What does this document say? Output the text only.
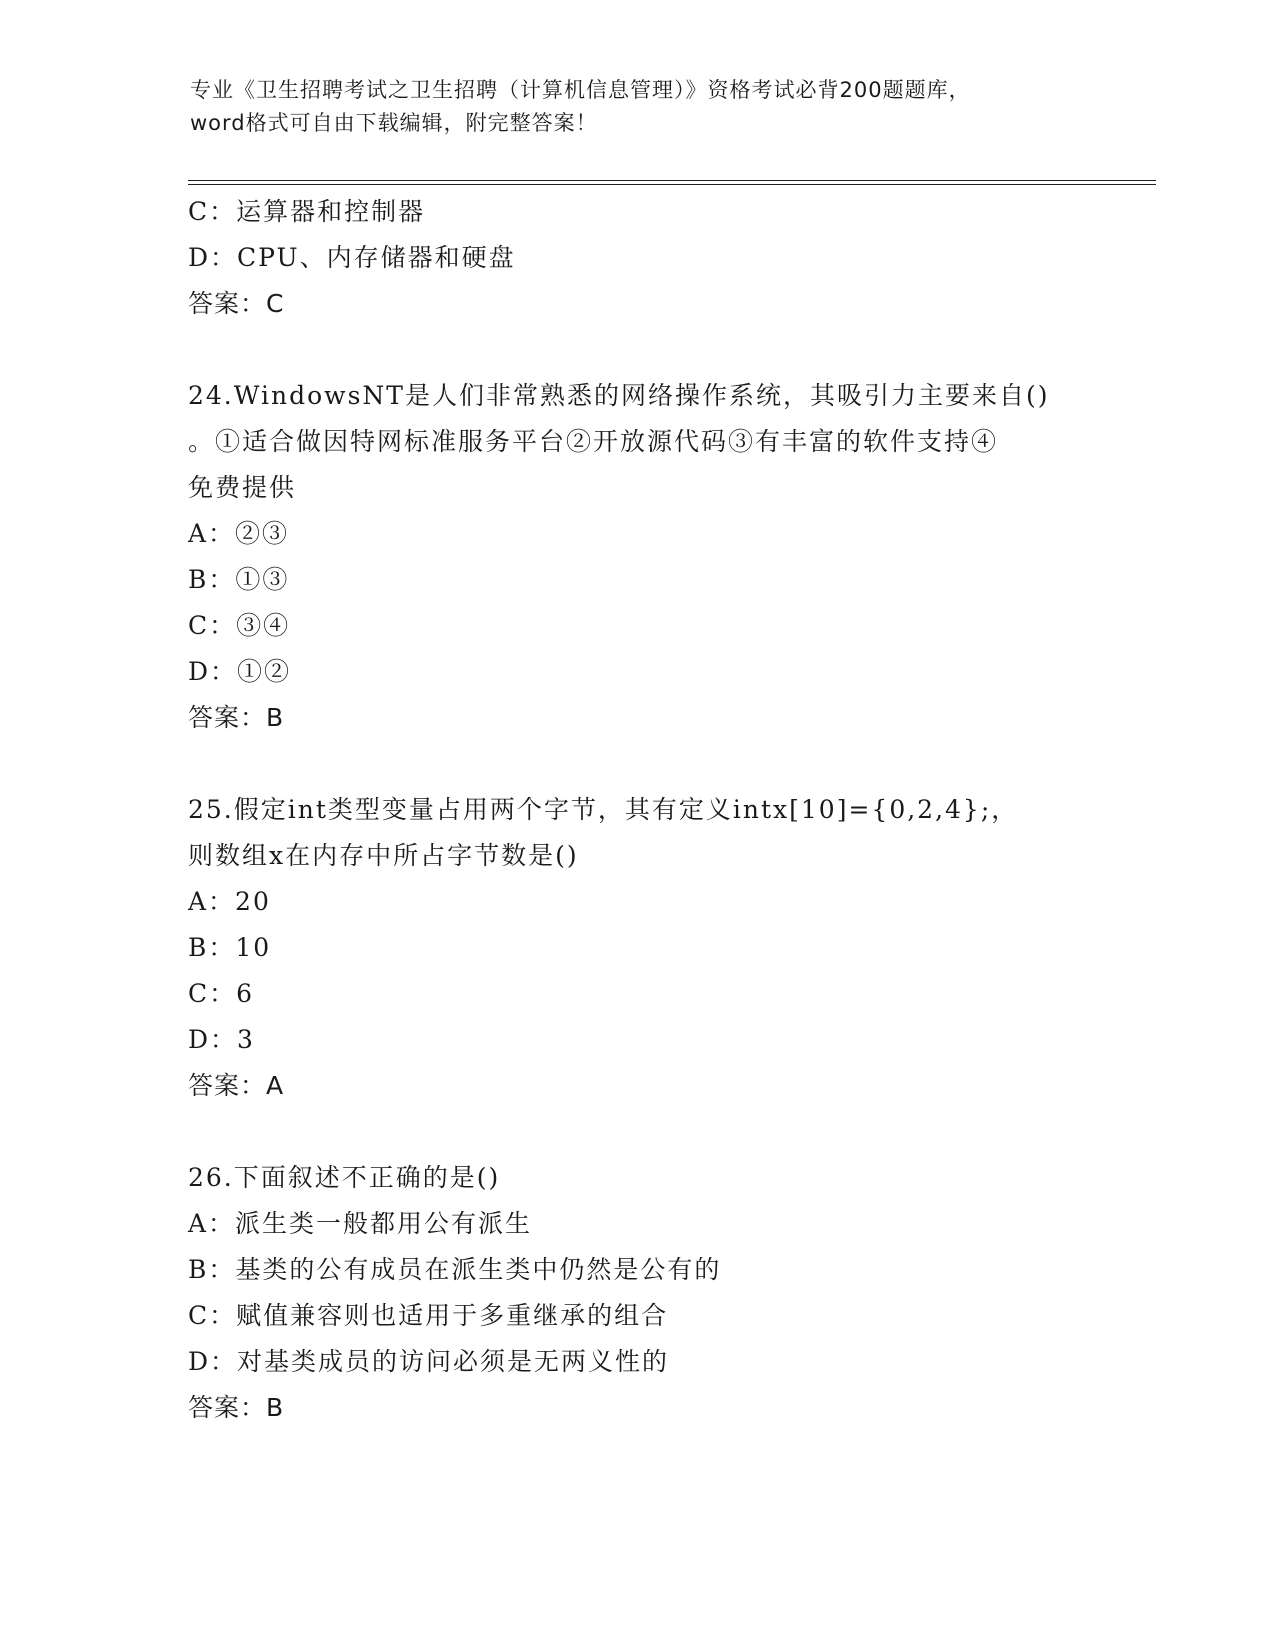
专业《卫生招聘考试之卫生招聘（计算机信息管理）》资格考试必背200题题库，
word格式可自由下载编辑，附完整答案！
C：运算器和控制器
D：CPU、内存储器和硬盘
答案：C
24.WindowsNT是人们非常熟悉的网络操作系统，其吸引力主要来自()
。①适合做因特网标准服务平台②开放源代码③有丰富的软件支持④
免费提供
A：②③
B：①③
C：③④
D：①②
答案：B
25.假定int类型变量占用两个字节，其有定义intx[10]={0,2,4};，
则数组x在内存中所占字节数是()
A：20
B：10
C：6
D：3
答案：A
26.下面叙述不正确的是()
A：派生类一般都用公有派生
B：基类的公有成员在派生类中仍然是公有的
C：赋值兼容则也适用于多重继承的组合
D：对基类成员的访问必须是无两义性的
答案：B
